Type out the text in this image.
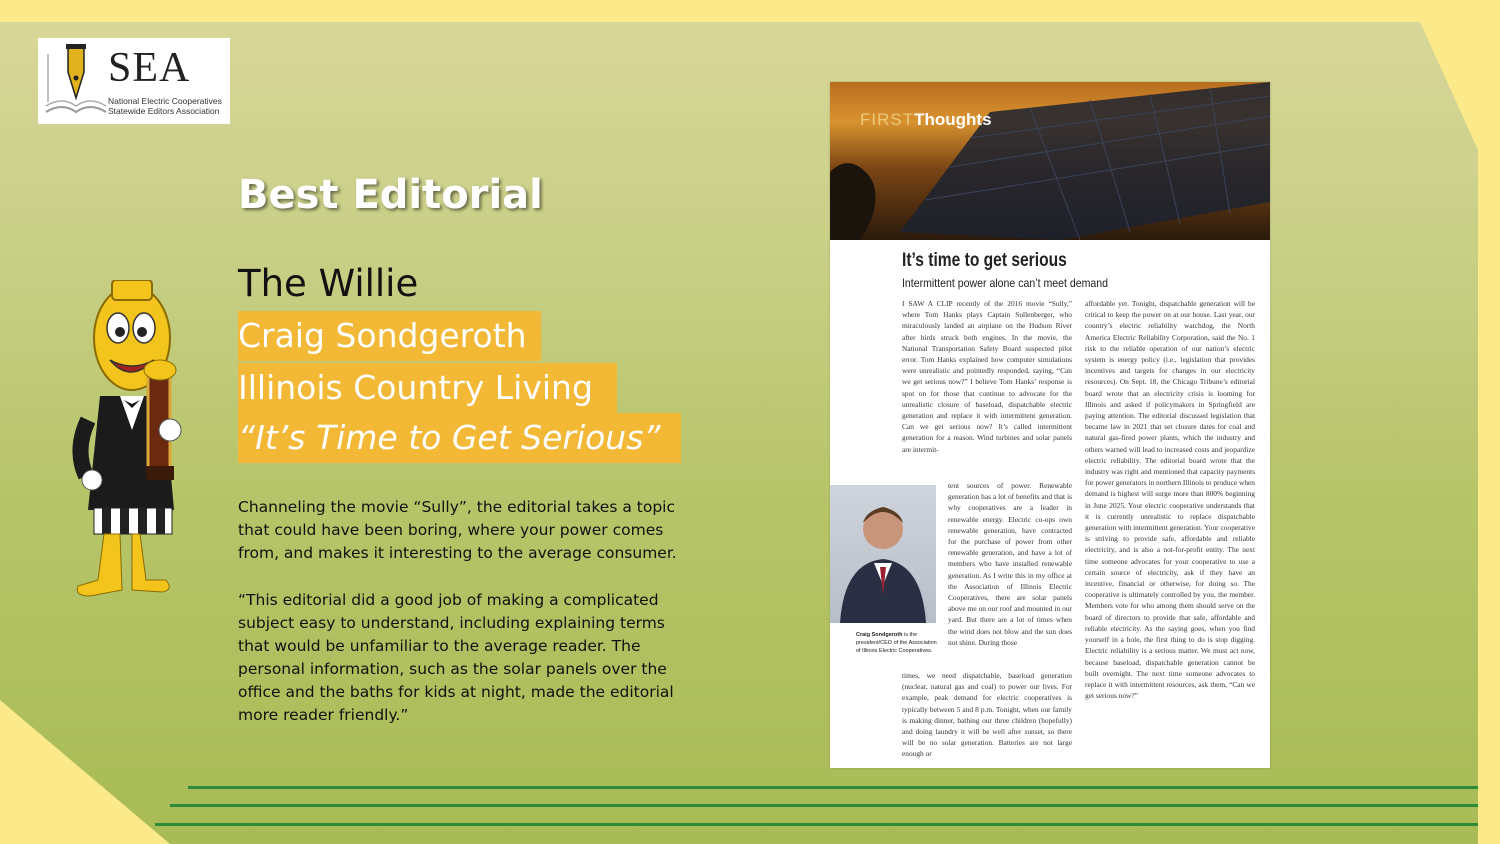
SEA
National Electric Cooperatives
Statewide Editors Association
Best Editorial
The Willie
Craig Sondgeroth
Illinois Country Living
“It’s Time to Get Serious”
Channeling the movie “Sully”, the editorial takes a topic that could have been boring, where your power comes from, and makes it interesting to the average consumer.
“This editorial did a good job of making a complicated subject easy to understand, including explaining terms that would be unfamiliar to the average reader. The personal information, such as the solar panels over the office and the baths for kids at night, made the editorial more reader friendly.”
FIRSTThoughts
It’s time to get serious
Intermittent power alone can’t meet demand
I SAW A CLIP recently of the 2016 movie “Sully,” where Tom Hanks plays Captain Sullenberger, who miraculously landed an airplane on the Hudson River after birds struck both engines. In the movie, the National Transportation Safety Board suspected pilot error. Tom Hanks explained how computer simulations were unrealistic and pointedly responded, saying, “Can we get serious now?” I believe Tom Hanks’ response is spot on for those that continue to advocate for the unrealistic closure of baseload, dispatchable electric generation and replace it with intermittent generation. Can we get serious now? It’s called intermittent generation for a reason. Wind turbines and solar panels are intermit-
tent sources of power. Renewable generation has a lot of benefits and that is why cooperatives are a leader in renewable energy. Electric co-ops own renewable generation, have contracted for the purchase of power from other renewable generation, and have a lot of members who have installed renewable generation. As I write this in my office at the Association of Illinois Electric Cooperatives, there are solar panels above me on our roof and mounted in our yard. But there are a lot of times when the wind does not blow and the sun does not shine. During those
Craig Sondgeroth is the president/CEO of the Association of Illinois Electric Cooperatives.
times, we need dispatchable, baseload generation (nuclear, natural gas and coal) to power our lives. For example, peak demand for electric cooperatives is typically between 5 and 8 p.m. Tonight, when our family is making dinner, bathing our three children (hopefully) and doing laundry it will be well after sunset, so there will be no solar generation. Batteries are not large enough or
affordable yet. Tonight, dispatchable generation will be critical to keep the power on at our house. Last year, our country’s electric reliability watchdog, the North America Electric Reliability Corporation, said the No. 1 risk to the reliable operation of our nation’s electric system is energy policy (i.e., legislation that provides incentives and targets for changes in our electricity resources). On Sept. 18, the Chicago Tribune’s editorial board wrote that an electricity crisis is looming for Illinois and asked if policymakers in Springfield are paying attention. The editorial discussed legislation that became law in 2021 that set closure dates for coal and natural gas-fired power plants, which the industry and others warned will lead to increased costs and jeopardize electric reliability. The editorial board wrote that the industry was right and mentioned that capacity payments for power generators in northern Illinois to produce when demand is highest will surge more than 800% beginning in June 2025. Your electric cooperative understands that it is currently unrealistic to replace dispatchable generation with intermittent generation. Your cooperative is striving to provide safe, affordable and reliable electricity, and is also a not-for-profit entity. The next time someone advocates for your cooperative to use a certain source of electricity, ask if they have an incentive, financial or otherwise, for doing so. The cooperative is ultimately controlled by you, the member. Members vote for who among them should serve on the board of directors to provide that safe, affordable and reliable electricity. As the saying goes, when you find yourself in a hole, the first thing to do is stop digging. Electric reliability is a serious matter. We must act now, because baseload, dispatchable generation cannot be built overnight. The next time someone advocates to replace it with intermittent resources, ask them, “Can we get serious now?”
